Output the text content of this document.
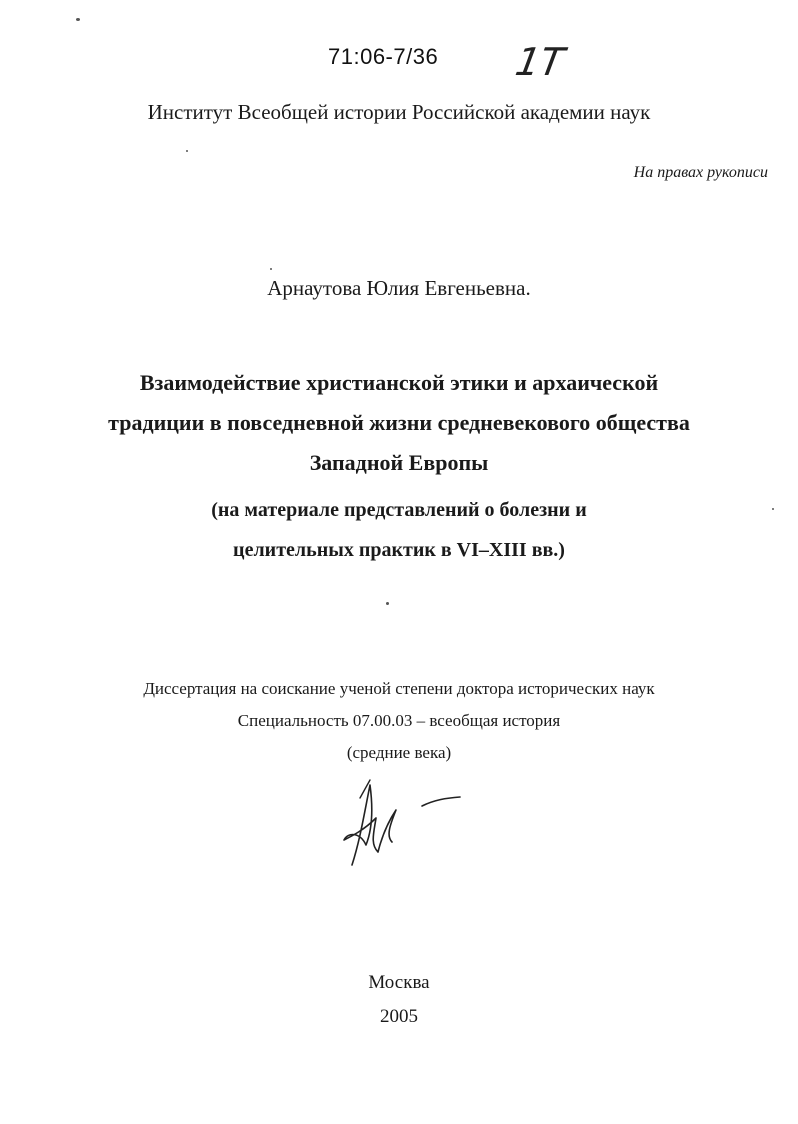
71:06-7/36 1T

Институт Всеобщей истории Российской академии наук

На правах рукописи

Арнаутова Юлия Евгеньевна.

Взаимодействие христианской этики и архаической
традиции в повседневной жизни средневекового общества
Западной Европы
(на материале представлений о болезни и
целительных практик в VI–XIII вв.)

Диссертация на соискание ученой степени доктора исторических наук

Специальность 07.00.03 – всеобщая история

(средние века)

Москва

2005
